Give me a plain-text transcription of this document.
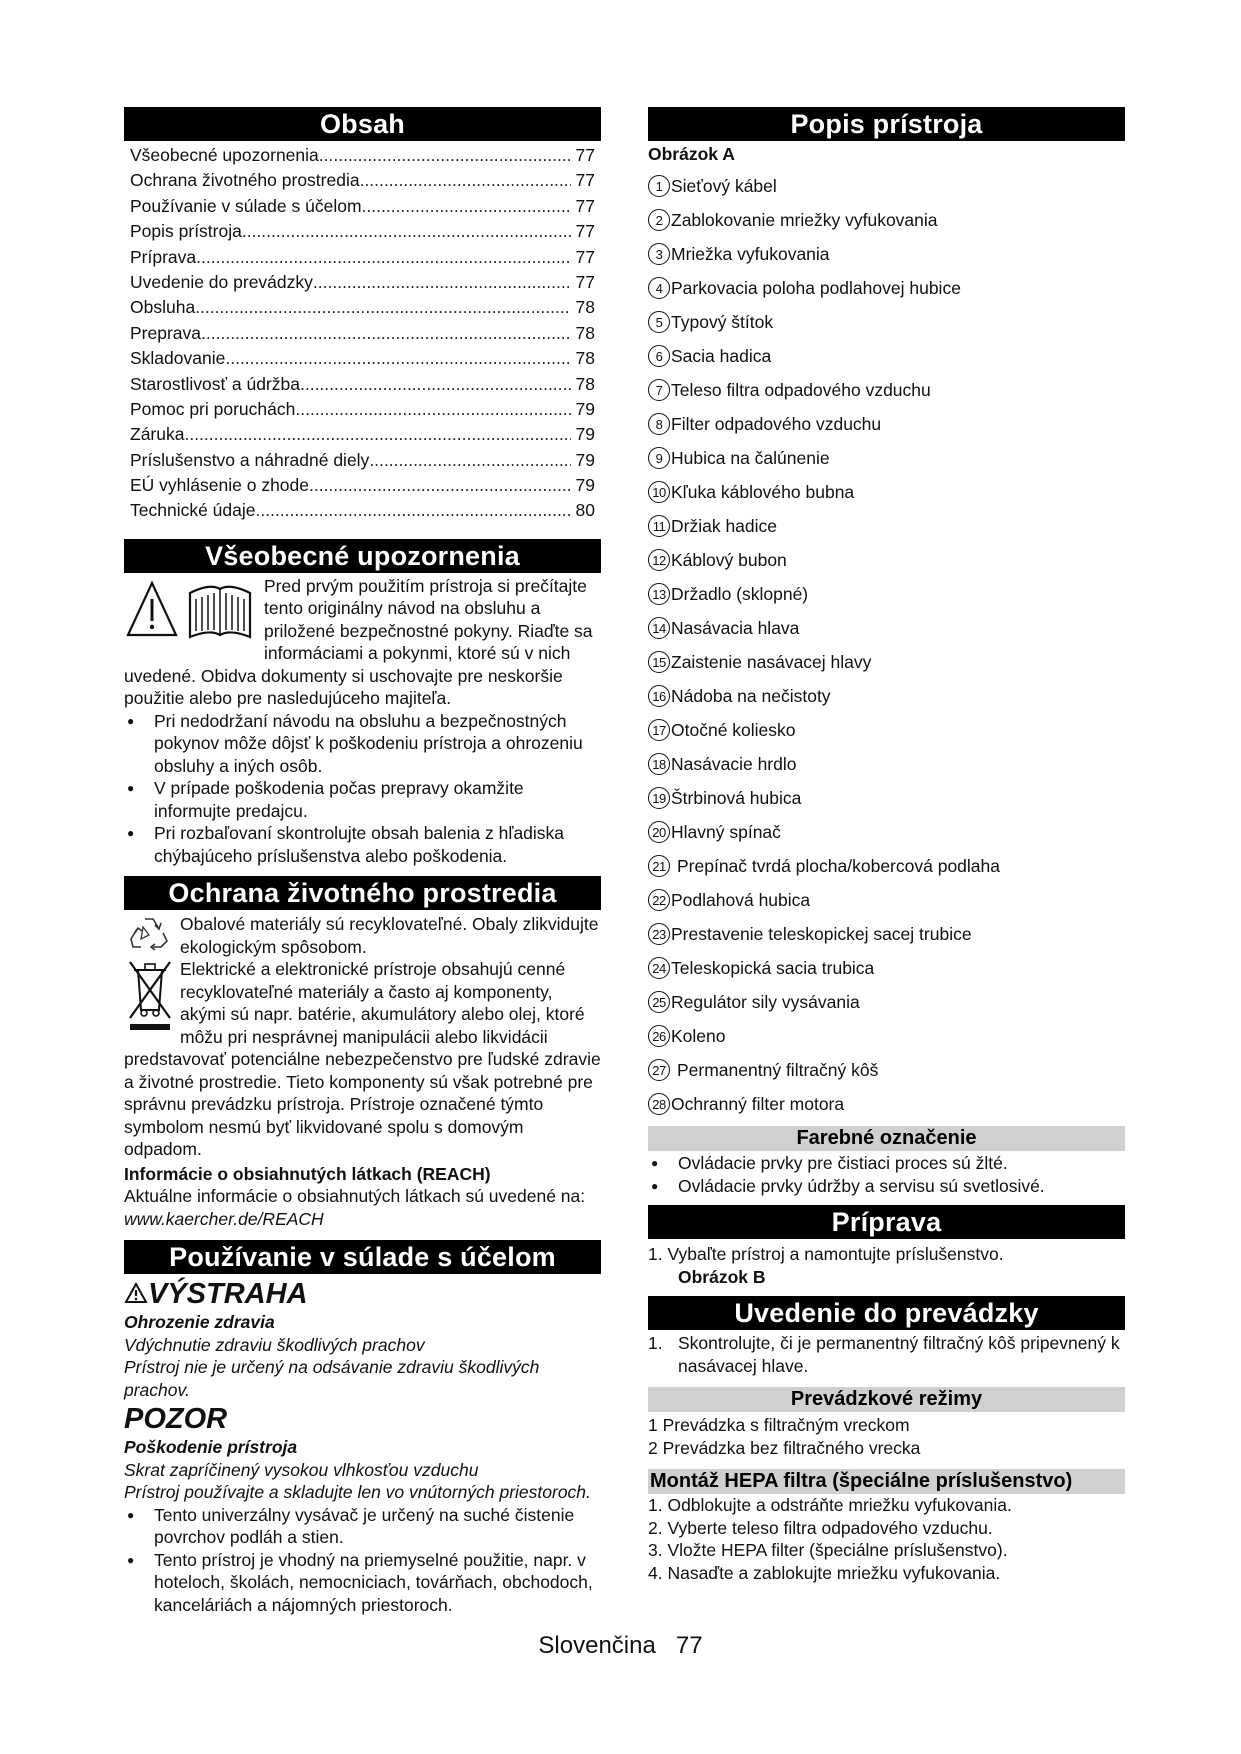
Obsah
Všeobecné upozornenia .....	77
Ochrana životného prostredia .....	77
Používanie v súlade s účelom .....	77
Popis prístroja .....	77
Príprava .....	77
Uvedenie do prevádzky .....	77
Obsluha .....	78
Preprava .....	78
Skladovanie .....	78
Starostlivosť a údržba .....	78
Pomoc pri poruchách .....	79
Záruka .....	79
Príslušenstvo a náhradné diely .....	79
EÚ vyhlásenie o zhode .....	79
Technické údaje .....	80
Všeobecné upozornenia

Pred prvým použitím prístroja si prečítajte tento originálny návod na obsluhu a priložené bezpečnostné pokyny. Riaďte sa informáciami a pokynmi, ktoré sú v nich uvedené. Obidva dokumenty si uschovajte pre neskoršie použitie alebo pre nasledujúceho majiteľa.

● Pri nedodržaní návodu na obsluhu a bezpečnostných pokynov môže dôjsť k poškodeniu prístroja a ohrozeniu obsluhy a iných osôb.
● V prípade poškodenia počas prepravy okamžite informujte predajcu.
● Pri rozbaľovaní skontrolujte obsah balenia z hľadiska chýbajúceho príslušenstva alebo poškodenia.
Ochrana životného prostredia

Obalové materiály sú recyklovateľné. Obaly zlikvidujte ekologickým spôsobom.

Elektrické a elektronické prístroje obsahujú cenné recyklovateľné materiály a často aj komponenty, akými sú napr. batérie, akumulátory alebo olej, ktoré môžu pri nesprávnej manipulácii alebo likvidácii predstavovať potenciálne nebezpečenstvo pre ľudské zdravie a životné prostredie. Tieto komponenty sú však potrebné pre správnu prevádzku prístroja. Prístroje označené týmto symbolom nesmú byť likvidované spolu s domovým odpadom.

Informácie o obsiahnutých látkach (REACH)

Aktuálne informácie o obsiahnutých látkach sú uvedené na: www.kaercher.de/REACH

Používanie v súlade s účelom
VÝSTRAHA

Ohrozenie zdravia

Vdýchnutie zdraviu škodlivých prachov

Prístroj nie je určený na odsávanie zdraviu škodlivých prachov.

POZOR

Poškodenie prístroja

Skrat zapríčinený vysokou vlhkosťou vzduchu

Prístroj používajte a skladujte len vo vnútorných priestoroch.

● Tento univerzálny vysávač je určený na suché čistenie povrchov podláh a stien.
● Tento prístroj je vhodný na priemyselné použitie, napr. v hoteloch, školách, nemocniciach, továrňach, obchodoch, kanceláriách a nájomných priestoroch.
Popis prístroja
Obrázok A
1 Sieťový kábel
2 Zablokovanie mriežky vyfukovania
3 Mriežka vyfukovania
4 Parkovacia poloha podlahovej hubice
5 Typový štítok
6 Sacia hadica
7 Teleso filtra odpadového vzduchu
8 Filter odpadového vzduchu
9 Hubica na čalúnenie
10 Kľuka káblového bubna
11 Držiak hadice
12 Káblový bubon
13 Držadlo (sklopné)
14 Nasávacia hlava
15 Zaistenie nasávacej hlavy
16 Nádoba na nečistoty
17 Otočné koliesko
18 Nasávacie hrdlo
19 Štrbinová hubica
20 Hlavný spínač
21 Prepínač tvrdá plocha/kobercová podlaha
22 Podlahová hubica
23 Prestavenie teleskopickej sacej trubice
24 Teleskopická sacia trubica
25 Regulátor sily vysávania
26 Koleno
27 Permanentný filtračný kôš
28 Ochranný filter motora
Farebné označenie
● Ovládacie prvky pre čistiaci proces sú žlté.
● Ovládacie prvky údržby a servisu sú svetlosivé.
Príprava

1. Vybaľte prístroj a namontujte príslušenstvo.

Obrázok B

Uvedenie do prevádzky
1. Skontrolujte, či je permanentný filtračný kôš pripevnený k nasávacej hlave.
Prevádzkové režimy
1 Prevádzka s filtračným vreckom
2 Prevádzka bez filtračného vrecka
Montáž HEPA filtra (špeciálne príslušenstvo)
1. Odblokujte a odstráňte mriežku vyfukovania.
2. Vyberte teleso filtra odpadového vzduchu.
3. Vložte HEPA filter (špeciálne príslušenstvo).
4. Nasaďte a zablokujte mriežku vyfukovania.
Slovenčina 77
